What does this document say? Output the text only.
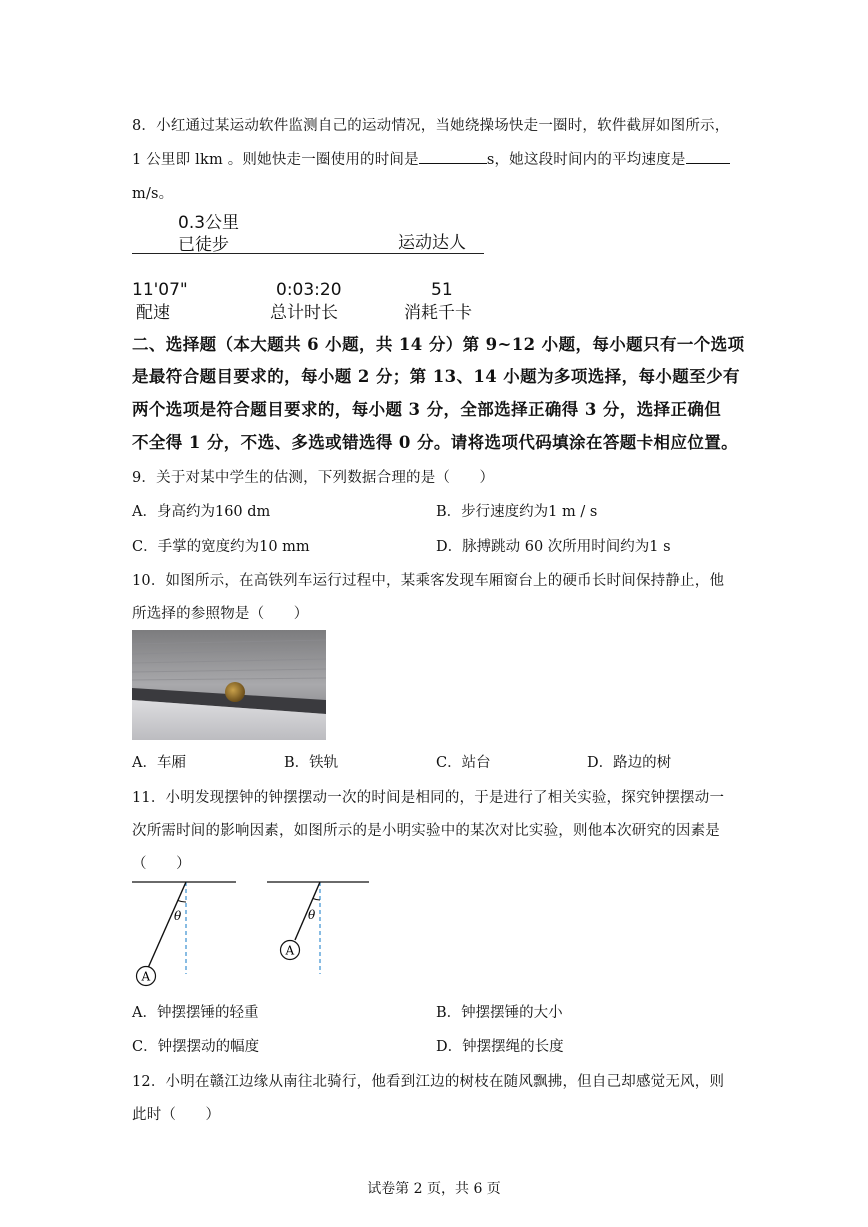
8．小红通过某运动软件监测自己的运动情况，当她绕操场快走一圈时，软件截屏如图所示，
1 公里即 lkm 。则她快走一圈使用的时间是	s，她这段时间内的平均速度是
m/s。
0.3公里
已徒步	运动达人
11'07"
配速
0:03:20
总计时长
51
消耗千卡
二、选择题（本大题共 6 小题，共 14 分）第 9~12 小题，每小题只有一个选项
是最符合题目要求的，每小题 2 分；第 13、14 小题为多项选择，每小题至少有
两个选项是符合题目要求的，每小题 3 分，全部选择正确得 3 分，选择正确但
不全得 1 分，不选、多选或错选得 0 分。请将选项代码填涂在答题卡相应位置。
9．关于对某中学生的估测，下列数据合理的是（　　）
A．身高约为160 dm	B．步行速度约为1 m / s
C．手掌的宽度约为10 mm	D．脉搏跳动 60 次所用时间约为1 s
10．如图所示，在高铁列车运行过程中，某乘客发现车厢窗台上的硬币长时间保持静止，他
所选择的参照物是（　　）
A．车厢	B．铁轨	C．站台	D．路边的树
11．小明发现摆钟的钟摆摆动一次的时间是相同的，于是进行了相关实验，探究钟摆摆动一
次所需时间的影响因素，如图所示的是小明实验中的某次对比实验，则他本次研究的因素是
（　　）
θ
A
θ
A
A．钟摆摆锤的轻重	B．钟摆摆锤的大小
C．钟摆摆动的幅度	D．钟摆摆绳的长度
12．小明在赣江边缘从南往北骑行，他看到江边的树枝在随风飘拂，但自己却感觉无风，则
此时（　　）
试卷第 2 页，共 6 页
